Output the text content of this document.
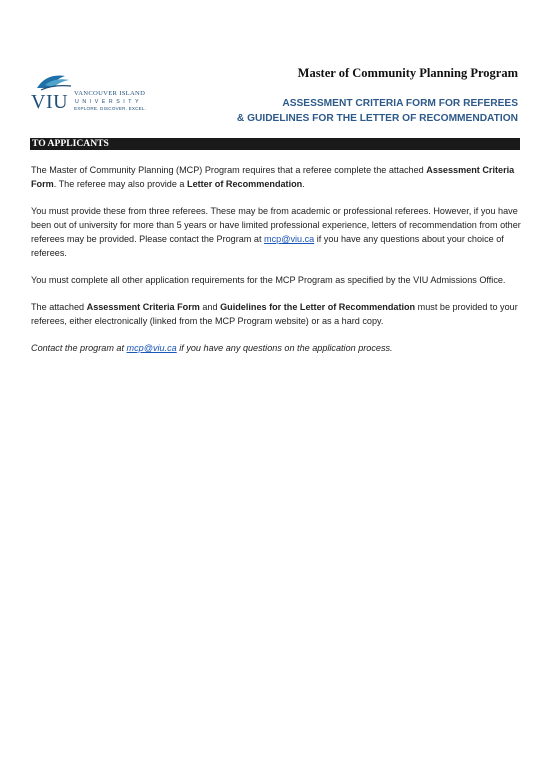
VIU VANCOUVER ISLAND
UNIVERSITY
EXPLORE. DISCOVER. EXCEL.
Master of Community Planning Program
ASSESSMENT CRITERIA FORM FOR REFEREES
& GUIDELINES FOR THE LETTER OF RECOMMENDATION
TO APPLICANTS

The Master of Community Planning (MCP) Program requires that a referee complete the attached Assessment Criteria Form. The referee may also provide a Letter of Recommendation.

You must provide these from three referees. These may be from academic or professional referees. However, if you have been out of university for more than 5 years or have limited professional experience, letters of recommendation from other referees may be provided. Please contact the Program at mcp@viu.ca if you have any questions about your choice of referees.

You must complete all other application requirements for the MCP Program as specified by the VIU Admissions Office.

The attached Assessment Criteria Form and Guidelines for the Letter of Recommendation must be provided to your referees, either electronically (linked from the MCP Program website) or as a hard copy.

Contact the program at mcp@viu.ca if you have any questions on the application process.
